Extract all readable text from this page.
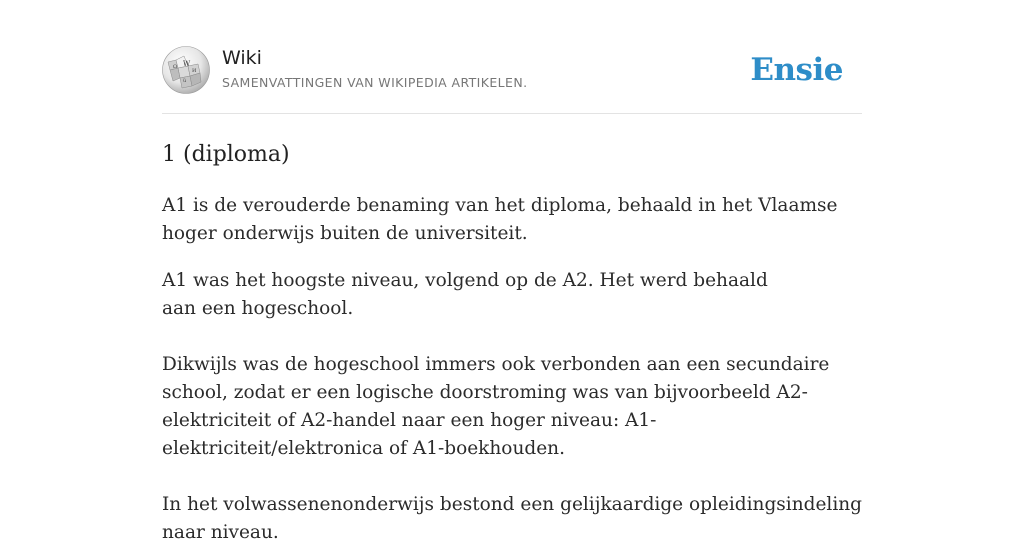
W
Ω
И
ü
Wiki
SAMENVATTINGEN VAN WIKIPEDIA ARTIKELEN.	Ensie
1 (diploma)

A1 is de verouderde benaming van het diploma, behaald in het Vlaamse hoger onderwijs buiten de universiteit.

A1 was het hoogste niveau, volgend op de A2. Het werd behaald aan een hogeschool.

Dikwijls was de hogeschool immers ook verbonden aan een secundaire school, zodat er een logische doorstroming was van bijvoorbeeld A2-elektriciteit of A2-handel naar een hoger niveau: A1-elektriciteit/elektronica of A1-boekhouden.

In het volwassenenonderwijs bestond een gelijkaardige opleidingsindeling naar niveau.
